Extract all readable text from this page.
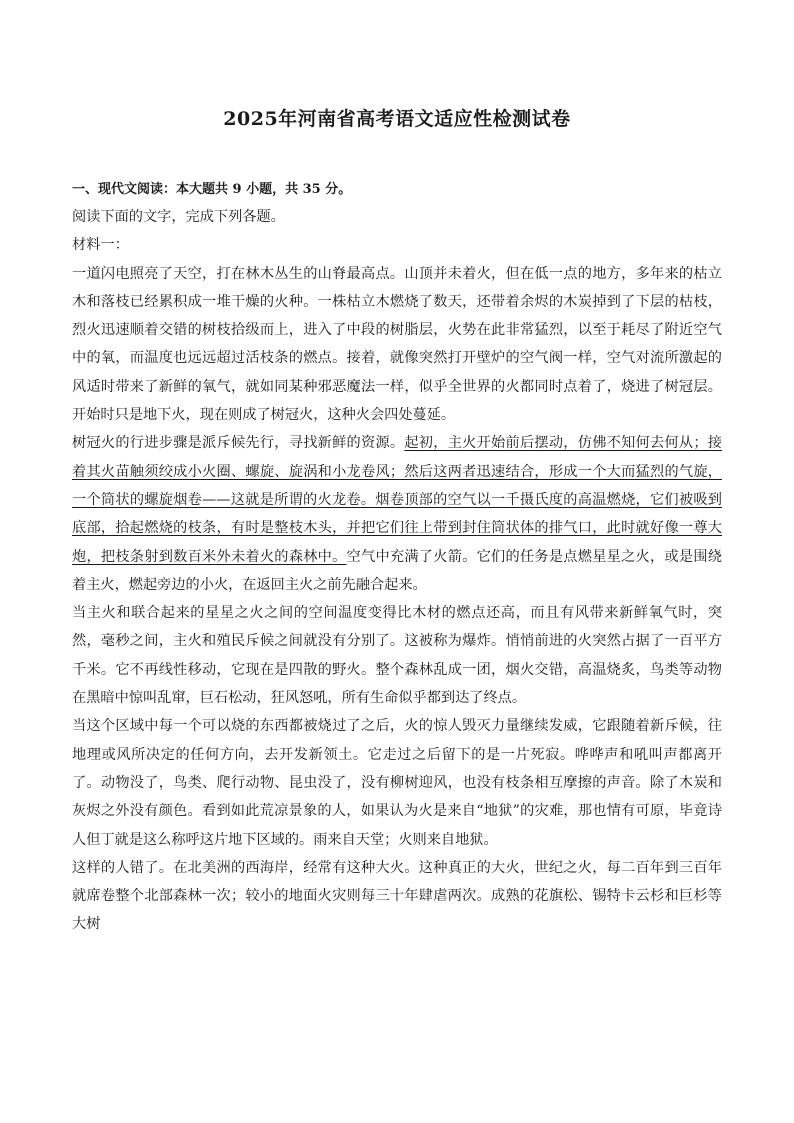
2025年河南省高考语文适应性检测试卷
一、现代文阅读：本大题共 9 小题，共 35 分。

阅读下面的文字，完成下列各题。

材料一：

一道闪电照亮了天空，打在林木丛生的山脊最高点。山顶并未着火，但在低一点的地方，多年来的枯立木和落枝已经累积成一堆干燥的火种。一株枯立木燃烧了数天，还带着余烬的木炭掉到了下层的枯枝，烈火迅速顺着交错的树枝拾级而上，进入了中段的树脂层，火势在此非常猛烈，以至于耗尽了附近空气中的氧，而温度也远远超过活枝条的燃点。接着，就像突然打开壁炉的空气阀一样，空气对流所激起的风适时带来了新鲜的氧气，就如同某种邪恶魔法一样，似乎全世界的火都同时点着了，烧进了树冠层。开始时只是地下火，现在则成了树冠火，这种火会四处蔓延。

树冠火的行进步骤是派斥候先行，寻找新鲜的资源。起初，主火开始前后摆动，仿佛不知何去何从；接着其火苗触须绞成小火圈、螺旋、旋涡和小龙卷风；然后这两者迅速结合，形成一个大而猛烈的气旋，一个筒状的螺旋烟卷——这就是所谓的火龙卷。烟卷顶部的空气以一千摄氏度的高温燃烧，它们被吸到底部，拾起燃烧的枝条，有时是整枝木头，并把它们往上带到封住筒状体的排气口，此时就好像一尊大炮，把枝条射到数百米外未着火的森林中。空气中充满了火箭。它们的任务是点燃星星之火，或是围绕着主火，燃起旁边的小火，在返回主火之前先融合起来。

当主火和联合起来的星星之火之间的空间温度变得比木材的燃点还高，而且有风带来新鲜氧气时，突然，毫秒之间，主火和殖民斥候之间就没有分别了。这被称为爆炸。悄悄前进的火突然占据了一百平方千米。它不再线性移动，它现在是四散的野火。整个森林乱成一团，烟火交错，高温烧炙，鸟类等动物在黑暗中惊叫乱窜，巨石松动，狂风怒吼，所有生命似乎都到达了终点。

当这个区域中每一个可以烧的东西都被烧过了之后，火的惊人毁灭力量继续发威，它跟随着新斥候，往地理或风所决定的任何方向，去开发新领土。它走过之后留下的是一片死寂。哗哗声和吼叫声都离开了。动物没了，鸟类、爬行动物、昆虫没了，没有柳树迎风，也没有枝条相互摩擦的声音。除了木炭和灰烬之外没有颜色。看到如此荒凉景象的人，如果认为火是来自“地狱”的灾难，那也情有可原，毕竟诗人但丁就是这么称呼这片地下区域的。雨来自天堂；火则来自地狱。

这样的人错了。在北美洲的西海岸，经常有这种大火。这种真正的大火，世纪之火，每二百年到三百年就席卷整个北部森林一次；较小的地面火灾则每三十年肆虐两次。成熟的花旗松、锡特卡云杉和巨杉等大树
